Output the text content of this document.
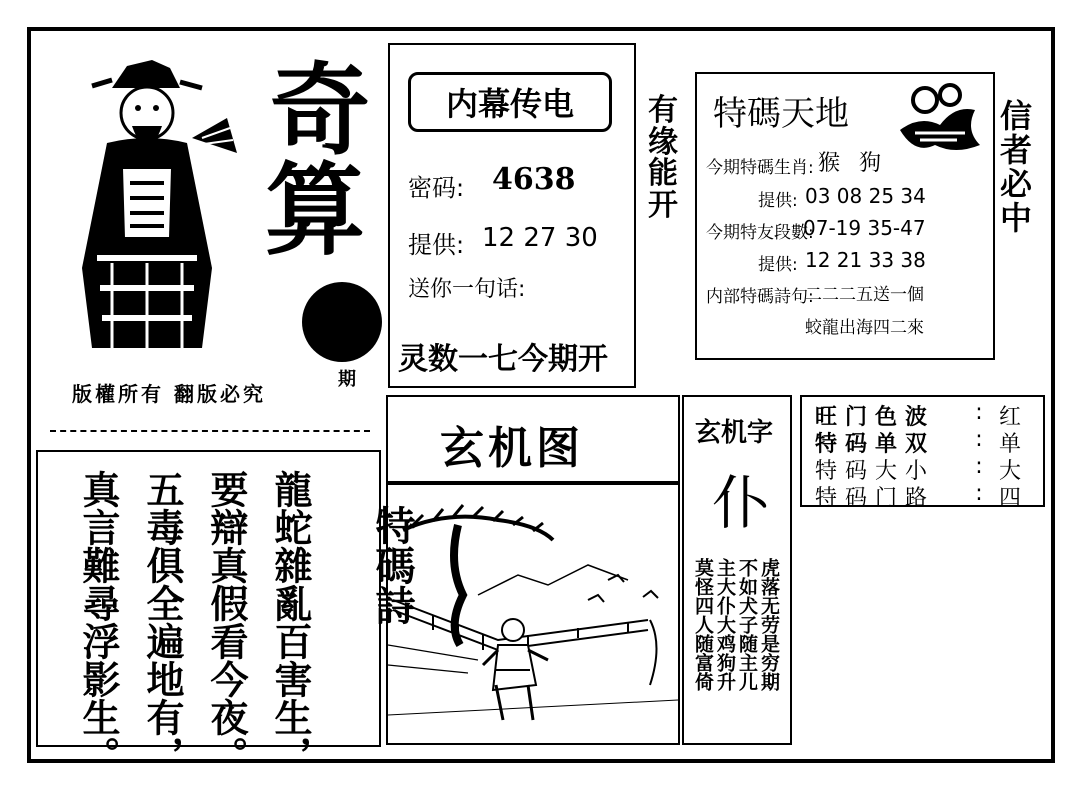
奇
算
期
版權所有 翻版必究
内幕传电
密码: 4638
提供: 12 27 30
送你一句话:
灵数一七今期开
有
缘
能
开
信
者
必
中
特碼天地
今期特碼生肖: 猴 狗
提供: 03 08 25 34
今期特友段數:
07-19 35-47
提供: 12 21 33 38
内部特碼詩句:
二二二五送一個
蛟龍出海四二來
特碼詩
龍蛇雜亂百害生，
要辯真假看今夜。
五毒俱全遍地有，
真言難尋浮影生。
玄机图	玄机字
仆
莫怪四人随富倚 主大仆大鸡狗升 不如犬子随主儿 虎落无劳是穷期
旺门色波	: 红
特码单双	: 单
特码大小	: 大
特码门路	: 四
